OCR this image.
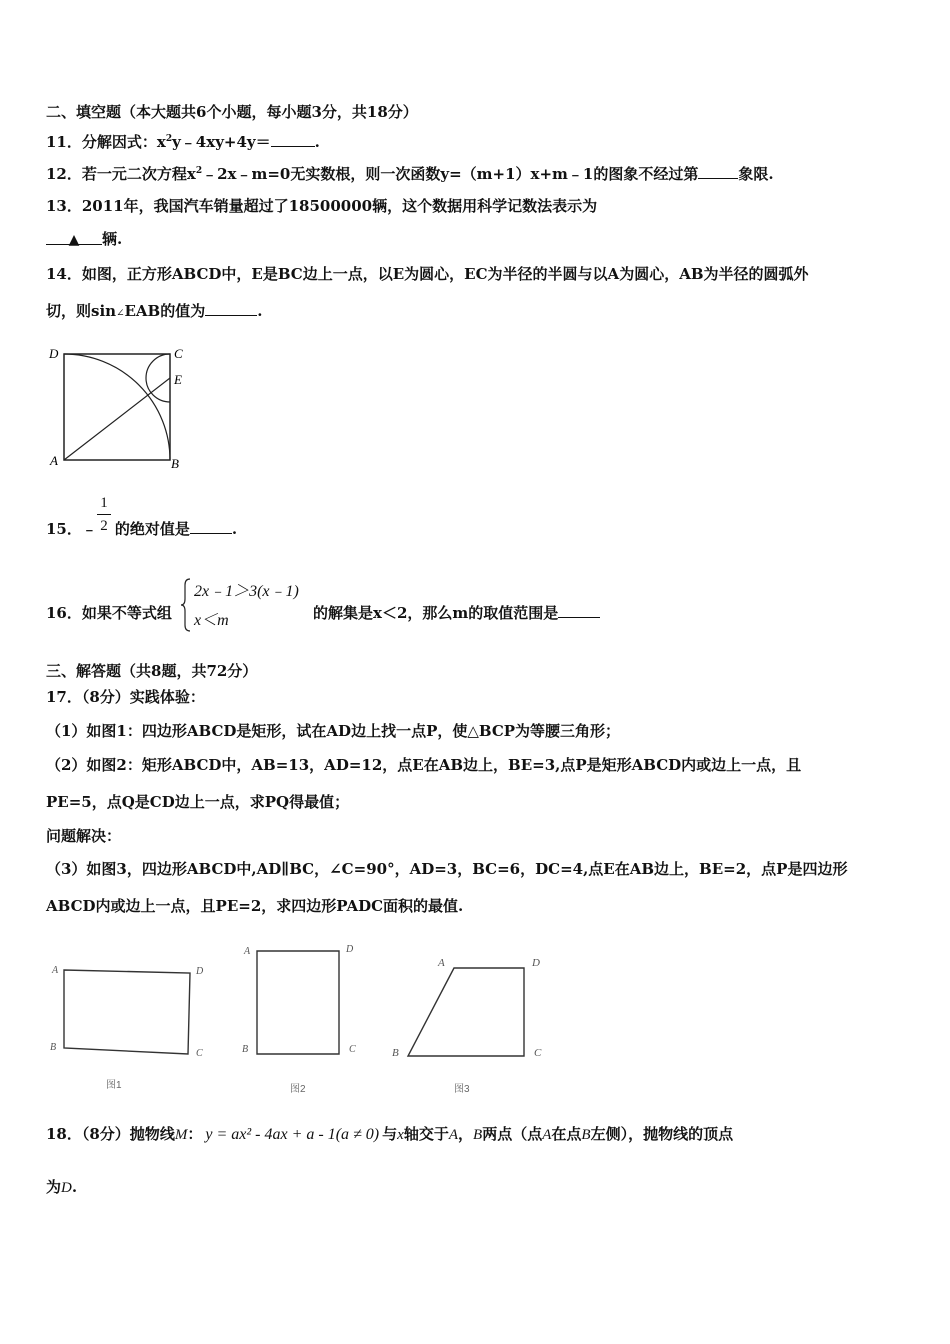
二、填空题（本大题共6个小题，每小题3分，共18分）
11．分解因式：$x^2y﹣4xy+4y=$	.
12．若一元二次方程$x^2﹣2x﹣m=0$无实数根，则一次函数y=（m+1）x+m﹣1的图象不经过第	象限.
13．2011年，我国汽车销量超过了18500000辆，这个数据用科学记数法表示为
▲ 辆.
14．如图，正方形ABCD中，E是BC边上一点，以E为圆心，EC为半径的半圆与以A为圆心，AB为半径的圆弧外
切，则sin∠EAB的值为	.
D	C
E
A	B
15．﹣ 的绝对值是	.
1
2
16．如果不等式组
2x﹣1＞3(x﹣1)
x＜m	的解集是x＜2，那么m的取值范围是
三、解答题（共8题，共72分）
17．（8分）实践体验：
（1）如图1：四边形ABCD是矩形，试在AD边上找一点P，使△BCP为等腰三角形；
（2）如图2：矩形ABCD中，AB=13，AD=12，点E在AB边上，BE=3,点P是矩形ABCD内或边上一点，且
PE=5，点Q是CD边上一点，求PQ得最值；
问题解决：
（3）如图3，四边形ABCD中,AD∥BC，∠C=90°，AD=3，BC=6，DC=4,点E在AB边上，BE=2，点P是四边形
ABCD内或边上一点，且PE=2，求四边形PADC面积的最值.
A	D
B
C
图1
A	D
B	C
图2
A	D
B	C
图3
18．（8分）抛物线M： y = ax² - 4ax + a - 1(a ≠ 0) 与x轴交于A，B两点（点A在点B左侧），抛物线的顶点
为D.
